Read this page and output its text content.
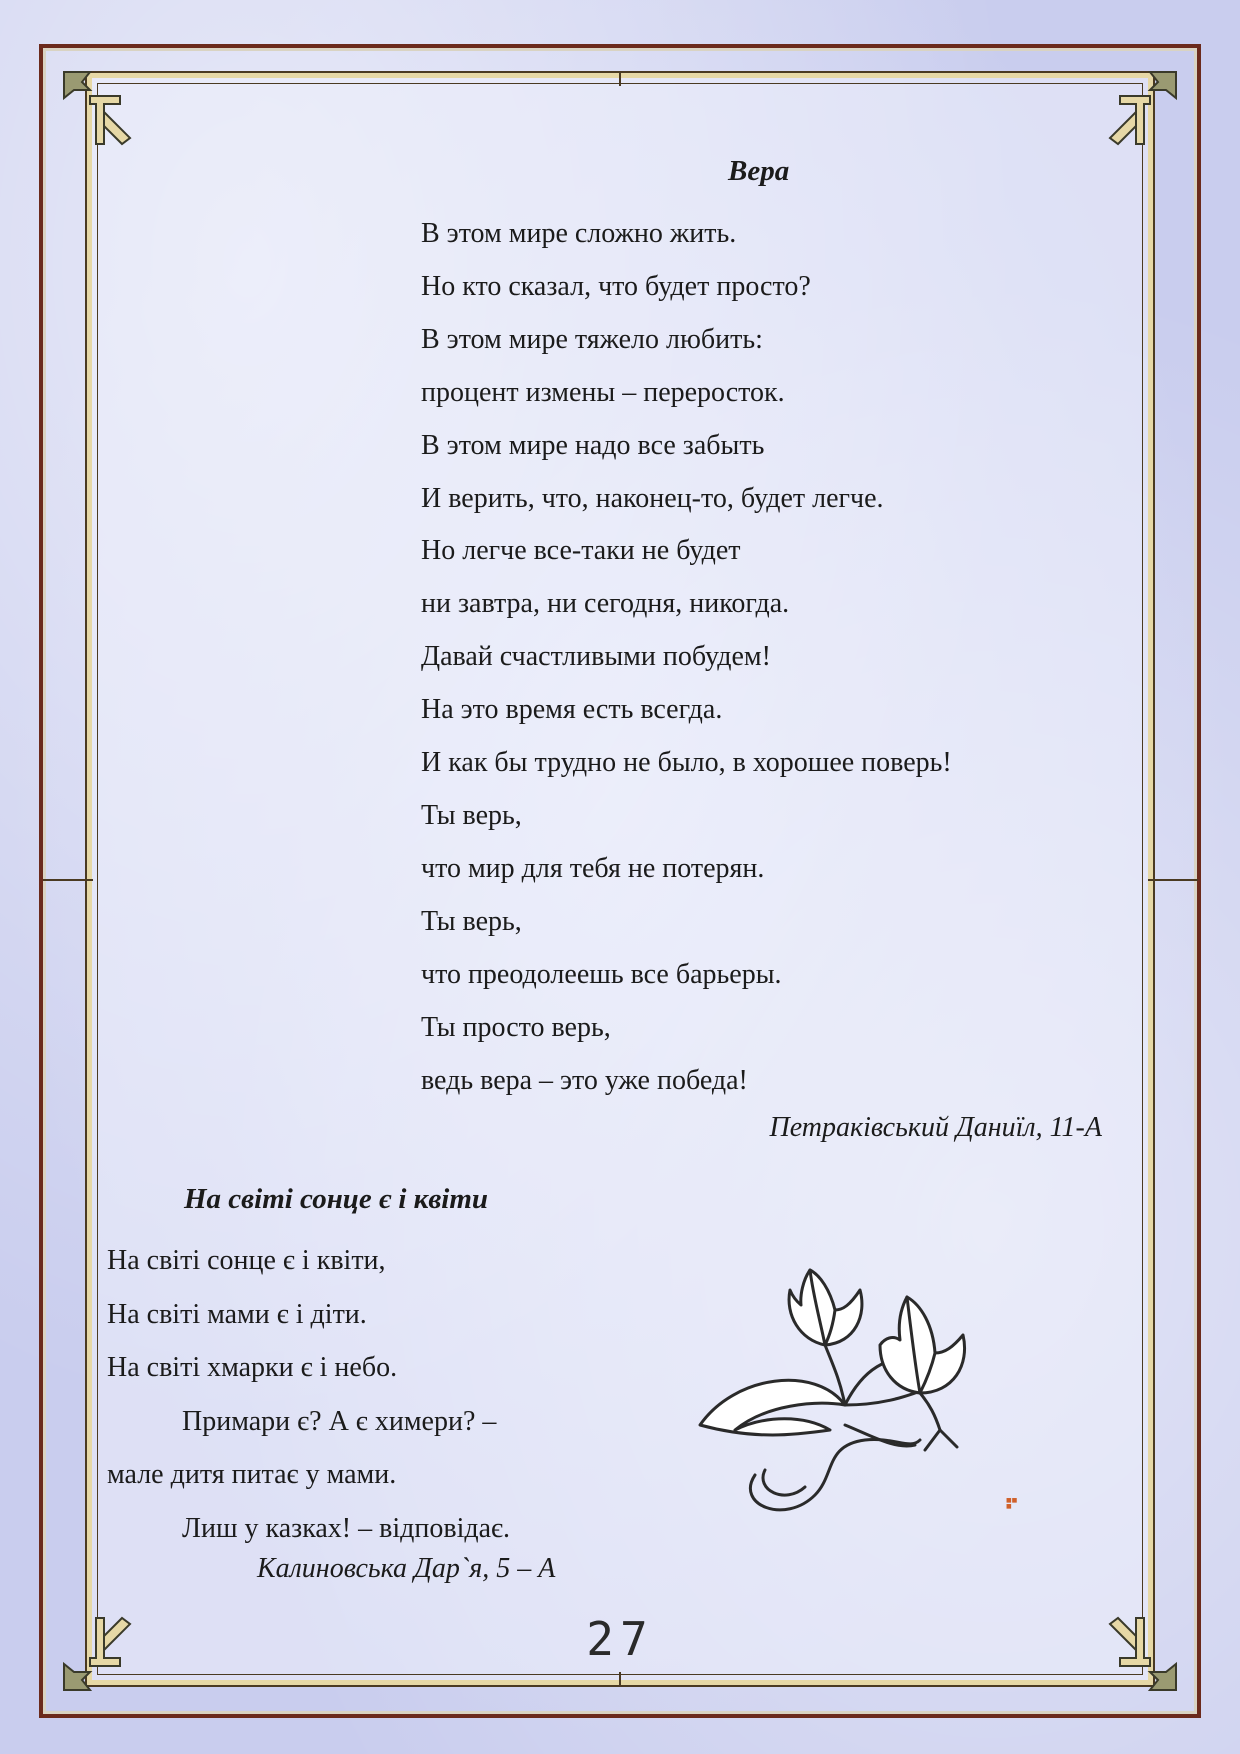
Вера
В этом мире сложно жить.
Но кто сказал, что будет просто?
В этом мире тяжело любить:
процент измены – переросток.
В этом мире надо все забыть
И верить, что, наконец-то, будет легче.
Но легче все-таки не будет
ни завтра, ни сегодня, никогда.
Давай счастливыми побудем!
На это время есть всегда.
И как бы трудно не было, в хорошее поверь!
Ты верь,
что мир для тебя не потерян.
Ты верь,
что преодолеешь все барьеры.
Ты просто верь,
ведь вера – это уже победа!

Петраківський Даниїл, 11-А

На світі сонце є і квіти
На світі сонце є і квіти,
На світі мами є і діти.
На світі хмарки є і небо.
Примари є? А є химери? –
мале дитя питає у мами.
Лиш у казках! – відповідає.

Калиновська Дар`я, 5 – А

■■
■
27
